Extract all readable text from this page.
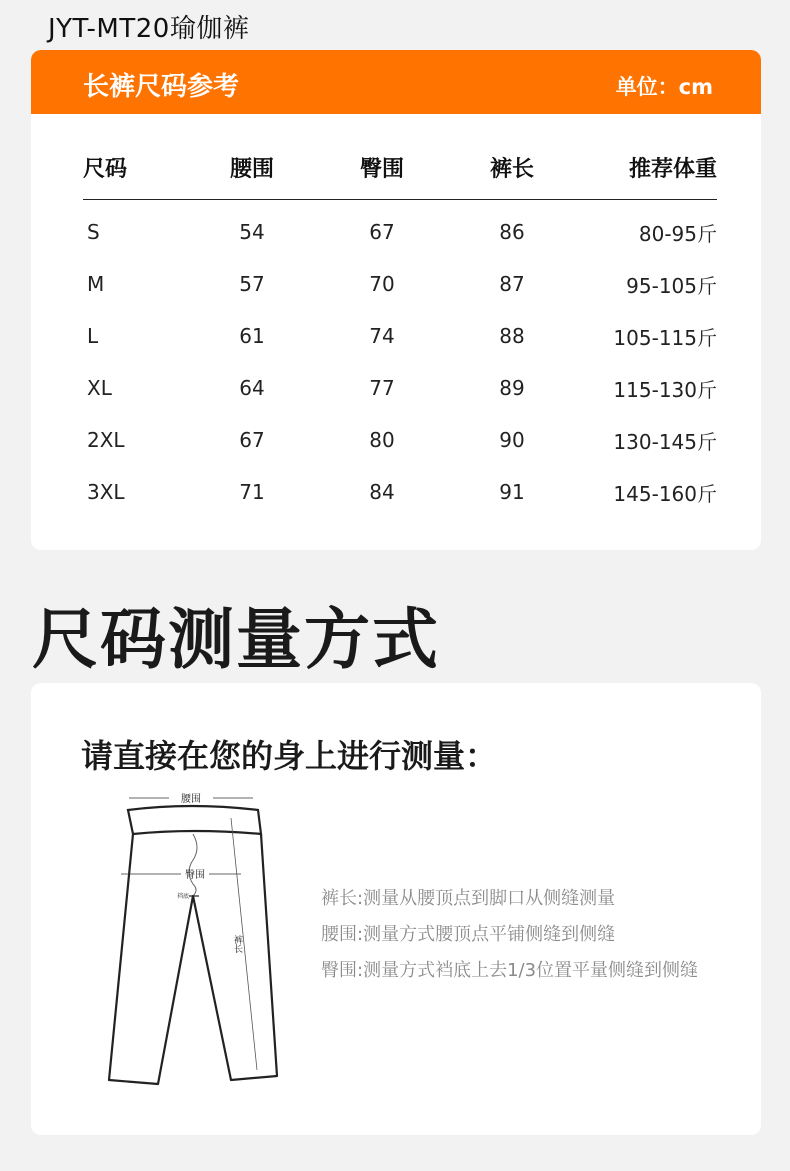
JYT-MT20瑜伽裤
长裤尺码参考	单位：cm
尺码	腰围	臀围	裤长	推荐体重
S	54	67	86	80-95斤
M	57	70	87	95-105斤
L	61	74	88	105-115斤
XL	64	77	89	115-130斤
2XL	67	80	90	130-145斤
3XL	71	84	91	145-160斤
尺码测量方式
请直接在您的身上进行测量：
腰围
臀围
裆底
裤长
裤长:测量从腰顶点到脚口从侧缝测量
腰围:测量方式腰顶点平铺侧缝到侧缝
臀围:测量方式裆底上去1/3位置平量侧缝到侧缝
